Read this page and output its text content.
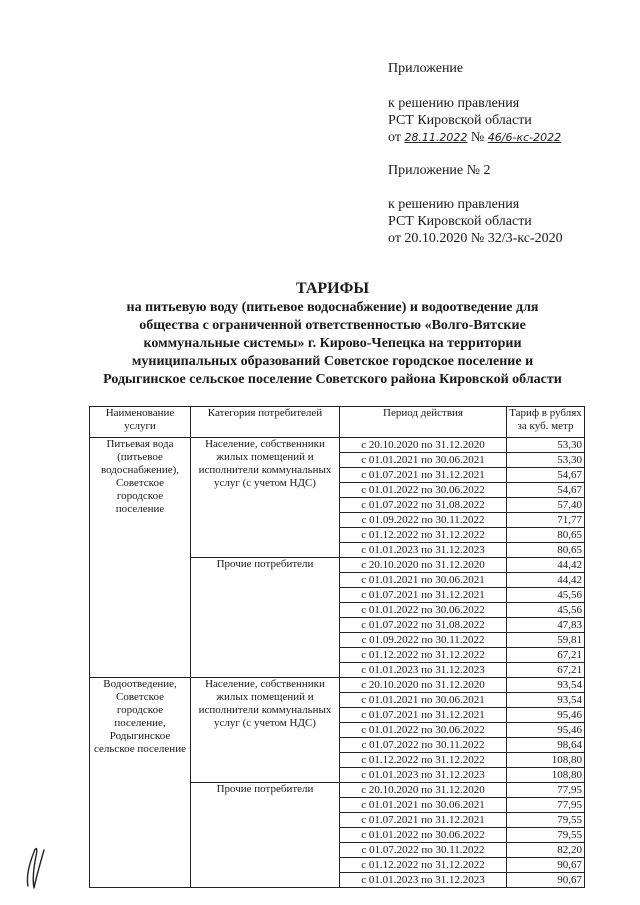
Приложение
к решению правления
РСТ Кировской области
от 28.11.2022 № 46/6-кс-2022
Приложение № 2
к решению правления
РСТ Кировской области
от 20.10.2020 № 32/3-кс-2020
ТАРИФЫ
на питьевую воду (питьевое водоснабжение) и водоотведение для
общества с ограниченной ответственностью «Волго-Вятские
коммунальные системы» г. Кирово-Чепецка на территории
муниципальных образований Советское городское поселение и
Родыгинское сельское поселение Советского района Кировской области
Наименование услуги	Категория потребителей	Период действия	Тариф в рублях за куб. метр
Питьевая вода (питьевое водоснабжение), Советское городское поселение	Население, собственники жилых помещений и исполнители коммунальных услуг (с учетом НДС)	с 20.10.2020 по 31.12.2020	53,30
		с 01.01.2021 по 30.06.2021	53,30
		с 01.07.2021 по 31.12.2021	54,67
		с 01.01.2022 по 30.06.2022	54,67
		с 01.07.2022 по 31.08.2022	57,40
		с 01.09.2022 по 30.11.2022	71,77
		с 01.12.2022 по 31.12.2022	80,65
		с 01.01.2023 по 31.12.2023	80,65
	Прочие потребители	с 20.10.2020 по 31.12.2020	44,42
		с 01.01.2021 по 30.06.2021	44,42
		с 01.07.2021 по 31.12.2021	45,56
		с 01.01.2022 по 30.06.2022	45,56
		с 01.07.2022 по 31.08.2022	47,83
		с 01.09.2022 по 30.11.2022	59,81
		с 01.12.2022 по 31.12.2022	67,21
		с 01.01.2023 по 31.12.2023	67,21
Водоотведение, Советское городское поселение, Родыгинское сельское поселение	Население, собственники жилых помещений и исполнители коммунальных услуг (с учетом НДС)	с 20.10.2020 по 31.12.2020	93,54
		с 01.01.2021 по 30.06.2021	93,54
		с 01.07.2021 по 31.12.2021	95,46
		с 01.01.2022 по 30.06.2022	95,46
		с 01.07.2022 по 30.11.2022	98,64
		с 01.12.2022 по 31.12.2022	108,80
		с 01.01.2023 по 31.12.2023	108,80
	Прочие потребители	с 20.10.2020 по 31.12.2020	77,95
		с 01.01.2021 по 30.06.2021	77,95
		с 01.07.2021 по 31.12.2021	79,55
		с 01.01.2022 по 30.06.2022	79,55
		с 01.07.2022 по 30.11.2022	82,20
		с 01.12.2022 по 31.12.2022	90,67
		с 01.01.2023 по 31.12.2023	90,67
